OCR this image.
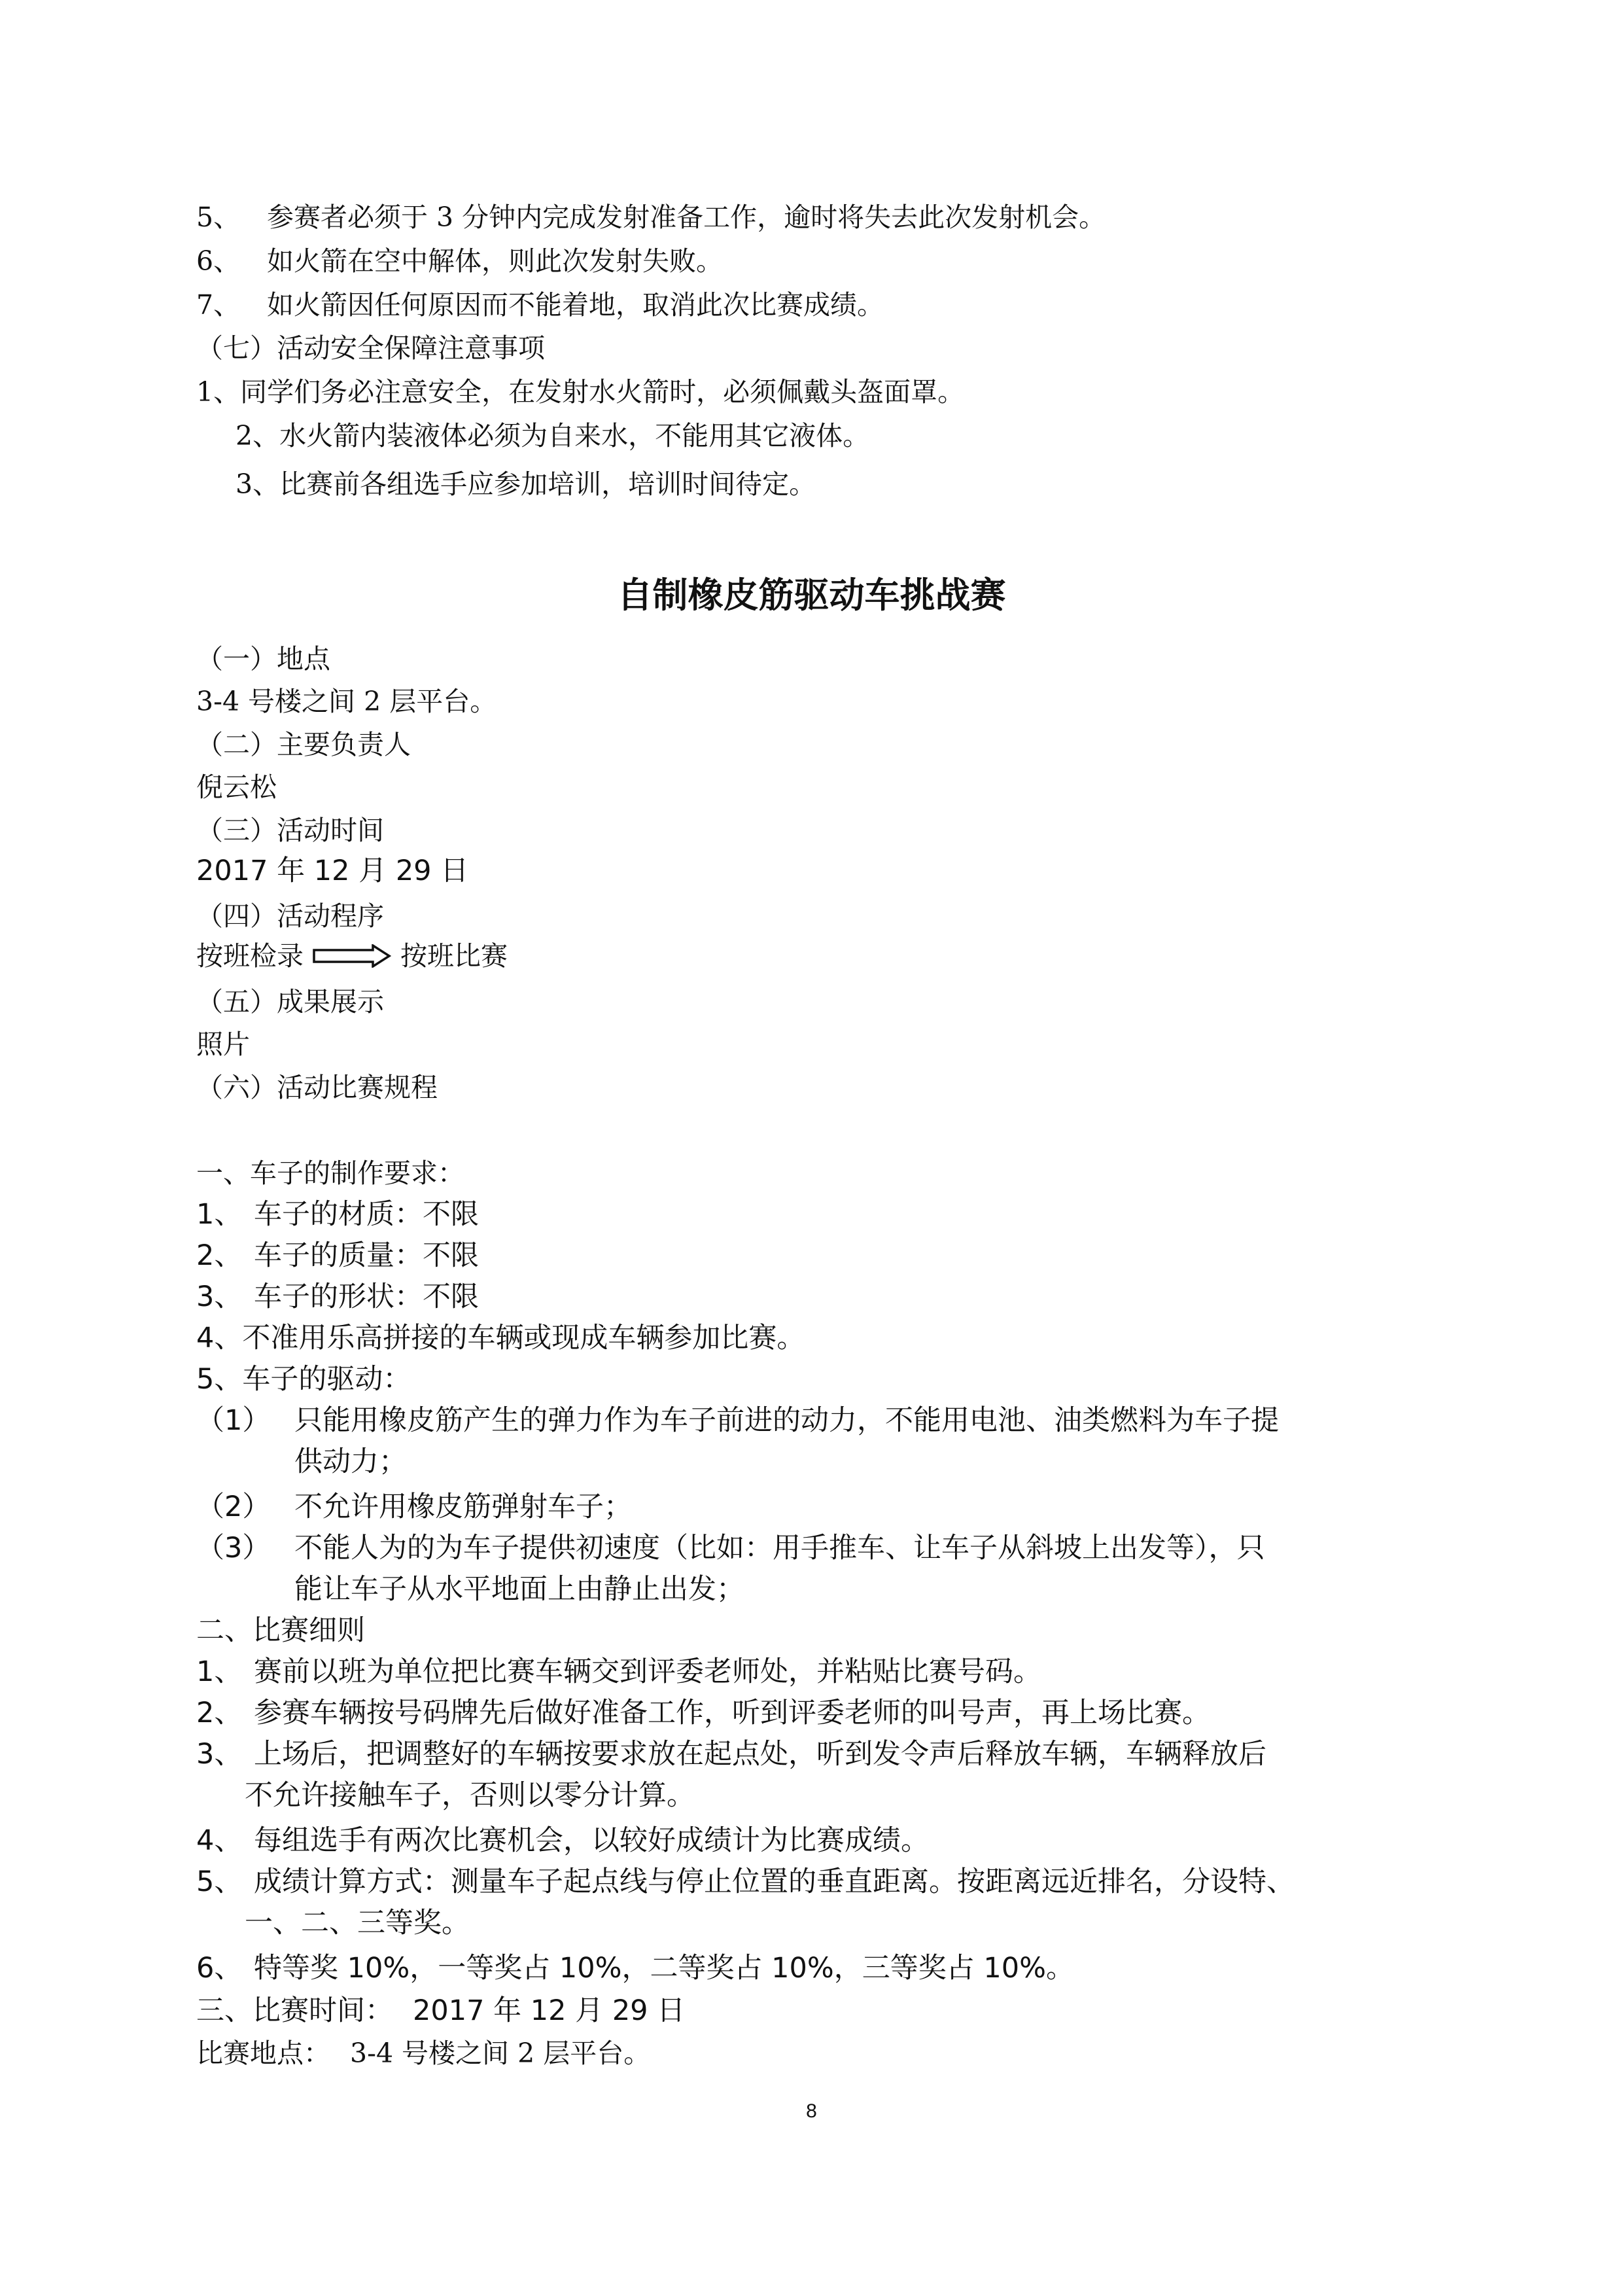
5、 参赛者必须于 3 分钟内完成发射准备工作，逾时将失去此次发射机会。
6、 如火箭在空中解体，则此次发射失败。
7、 如火箭因任何原因而不能着地，取消此次比赛成绩。
（七）活动安全保障注意事项
1、同学们务必注意安全，在发射水火箭时，必须佩戴头盔面罩。
2、水火箭内装液体必须为自来水，不能用其它液体。
3、比赛前各组选手应参加培训，培训时间待定。
自制橡皮筋驱动车挑战赛
（一）地点
3-4 号楼之间 2 层平台。
（二）主要负责人
倪云松
（三）活动时间
2017 年 12 月 29 日
（四）活动程序
按班检录	按班比赛
（五）成果展示
照片
（六）活动比赛规程
一、车子的制作要求：
1、 车子的材质：不限
2、 车子的质量：不限
3、 车子的形状：不限
4、不准用乐高拼接的车辆或现成车辆参加比赛。
5、车子的驱动：
（1） 只能用橡皮筋产生的弹力作为车子前进的动力，不能用电池、油类燃料为车子提
供动力；
（2） 不允许用橡皮筋弹射车子；
（3） 不能人为的为车子提供初速度（比如：用手推车、让车子从斜坡上出发等），只
能让车子从水平地面上由静止出发；
二、比赛细则
1、 赛前以班为单位把比赛车辆交到评委老师处，并粘贴比赛号码。
2、 参赛车辆按号码牌先后做好准备工作，听到评委老师的叫号声，再上场比赛。
3、 上场后，把调整好的车辆按要求放在起点处，听到发令声后释放车辆，车辆释放后
不允许接触车子，否则以零分计算。
4、 每组选手有两次比赛机会，以较好成绩计为比赛成绩。
5、 成绩计算方式：测量车子起点线与停止位置的垂直距离。按距离远近排名，分设特、
一、二、三等奖。
6、 特等奖 10%，一等奖占 10%，二等奖占 10%，三等奖占 10%。
三、比赛时间： 2017 年 12 月 29 日
比赛地点： 3-4 号楼之间 2 层平台。
8
